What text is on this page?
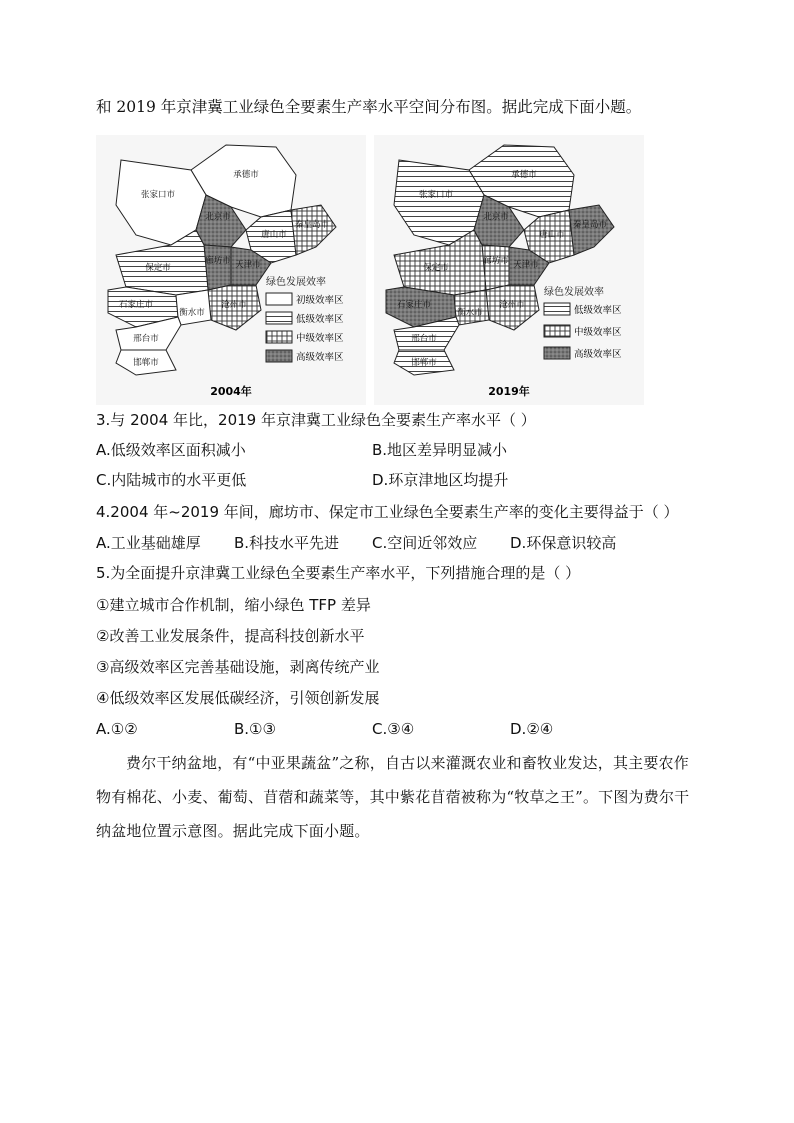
和 2019 年京津冀工业绿色全要素生产率水平空间分布图。据此完成下面小题。
承德市
张家口市
北京市
唐山市
秦皇岛市
廊坊市 天津市
保定市
沧州市
石家庄市
衡水市
邢台市
邯郸市
绿色发展效率
初级效率区
低级效率区
中级效率区
高级效率区
2004年
承德市
张家口市
北京市
唐山市
秦皇岛市
廊坊市 天津市
保定市
沧州市
石家庄市
衡水市
邢台市
邯郸市
绿色发展效率
低级效率区
中级效率区
高级效率区
2019年
3.与 2004 年比，2019 年京津冀工业绿色全要素生产率水平（ ）
A.低级效率区面积减小	B.地区差异明显减小
C.内陆城市的水平更低	D.环京津地区均提升
4.2004 年~2019 年间，廊坊市、保定市工业绿色全要素生产率的变化主要得益于（ ）
A.工业基础雄厚 B.科技水平先进 C.空间近邻效应 D.环保意识较高
5.为全面提升京津冀工业绿色全要素生产率水平，下列措施合理的是（ ）
①建立城市合作机制，缩小绿色 TFP 差异
②改善工业发展条件，提高科技创新水平
③高级效率区完善基础设施，剥离传统产业
④低级效率区发展低碳经济，引领创新发展
A.①②	B.①③	C.③④	D.②④
费尔干纳盆地，有“中亚果蔬盆”之称，自古以来灌溉农业和畜牧业发达，其主要农作物有棉花、小麦、葡萄、苜蓿和蔬菜等，其中紫花苜蓿被称为“牧草之王”。下图为费尔干纳盆地位置示意图。据此完成下面小题。
